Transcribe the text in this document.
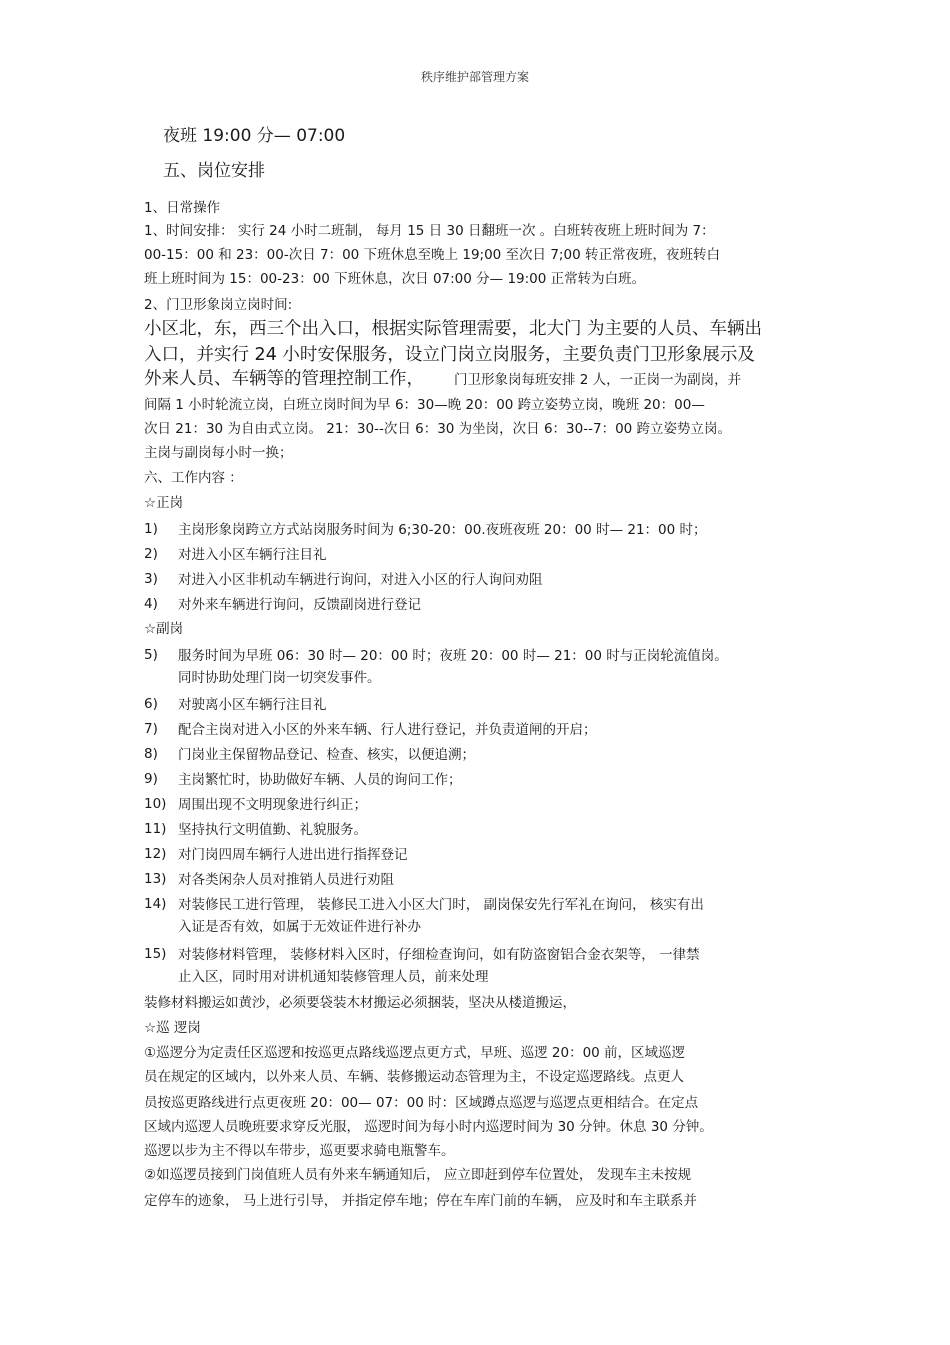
秩序维护部管理方案
夜班 19:00 分— 07:00
五、岗位安排
1、日常操作
1、时间安排： 实行 24 小时二班制， 每月 15 日 30 日翻班一次 。白班转夜班上班时间为 7：
00-15：00 和 23：00-次日 7：00 下班休息至晚上 19;00 至次日 7;00 转正常夜班，夜班转白
班上班时间为 15：00-23：00 下班休息，次日 07:00 分— 19:00 正常转为白班。
2、门卫形象岗立岗时间:
小区北，东，西三个出入口，根据实际管理需要，北大门 为主要的人员、车辆出
入口，并实行 24 小时安保服务，设立门岗立岗服务，主要负责门卫形象展示及
外来人员、车辆等的管理控制工作， 门卫形象岗每班安排 2 人，一正岗一为副岗，并
间隔 1 小时轮流立岗，白班立岗时间为早 6：30—晚 20：00 跨立姿势立岗，晚班 20：00—
次日 21：30 为自由式立岗。 21：30--次日 6：30 为坐岗，次日 6：30--7：00 跨立姿势立岗。
主岗与副岗每小时一换；
六、工作内容 ：
☆正岗
1) 主岗形象岗跨立方式站岗服务时间为 6;30-20：00.夜班夜班 20：00 时— 21：00 时；
2) 对进入小区车辆行注目礼
3) 对进入小区非机动车辆进行询问，对进入小区的行人询问劝阻
4) 对外来车辆进行询问，反馈副岗进行登记
☆副岗
5) 服务时间为早班 06：30 时— 20：00 时；夜班 20：00 时— 21：00 时与正岗轮流值岗。
同时协助处理门岗一切突发事件。
6) 对驶离小区车辆行注目礼
7) 配合主岗对进入小区的外来车辆、行人进行登记，并负责道闸的开启；
8) 门岗业主保留物品登记、检查、核实，以便追溯；
9) 主岗繁忙时，协助做好车辆、人员的询问工作；
10) 周围出现不文明现象进行纠正；
11) 坚持执行文明值勤、礼貌服务。
12) 对门岗四周车辆行人进出进行指挥登记
13) 对各类闲杂人员对推销人员进行劝阻
14) 对装修民工进行管理， 装修民工进入小区大门时， 副岗保安先行军礼在询问， 核实有出
入证是否有效，如属于无效证件进行补办
15) 对装修材料管理， 装修材料入区时，仔细检查询问，如有防盗窗铝合金衣架等， 一律禁
止入区，同时用对讲机通知装修管理人员，前来处理
装修材料搬运如黄沙，必须要袋装木材搬运必须捆装，坚决从楼道搬运，
☆巡 逻岗
①巡逻分为定责任区巡逻和按巡更点路线巡逻点更方式，早班、巡逻 20：00 前，区域巡逻
员在规定的区域内，以外来人员、车辆、装修搬运动态管理为主，不设定巡逻路线。点更人
员按巡更路线进行点更夜班 20：00— 07：00 时：区域蹲点巡逻与巡逻点更相结合。在定点
区域内巡逻人员晚班要求穿反光服， 巡逻时间为每小时内巡逻时间为 30 分钟。休息 30 分钟。
巡逻以步为主不得以车带步，巡更要求骑电瓶警车。
②如巡逻员接到门岗值班人员有外来车辆通知后， 应立即赶到停车位置处， 发现车主未按规
定停车的迹象， 马上进行引导， 并指定停车地；停在车库门前的车辆， 应及时和车主联系并
